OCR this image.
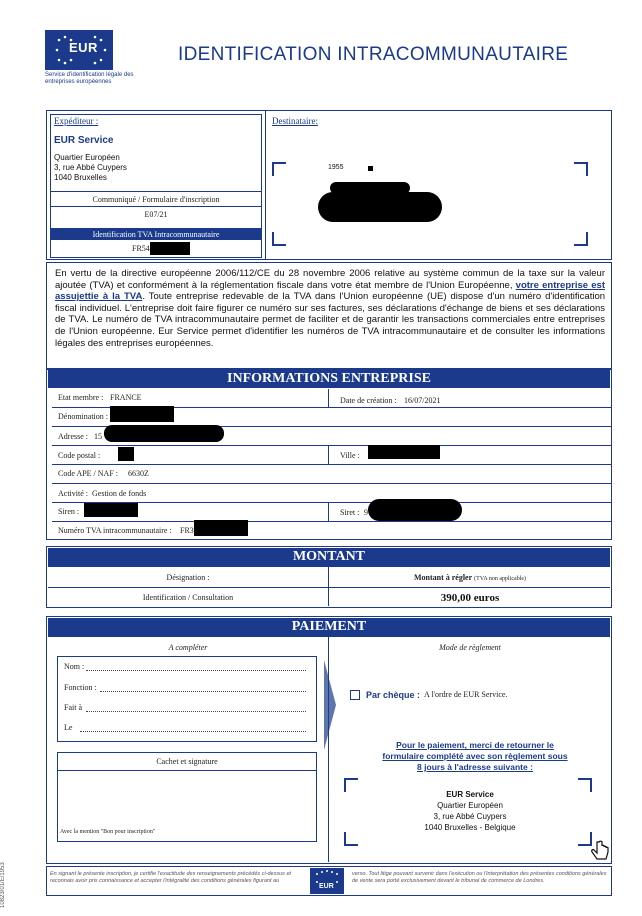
EUR
Service d'identification légale des entreprises européennes
IDENTIFICATION INTRACOMMUNAUTAIRE
Expéditeur :
EUR Service
Quartier Européen
3, rue Abbé Cuypers
1040 Bruxelles
Communiqué / Formulaire d'inscription
E07/21
Identification TVA Intracommunautaire
FR54
Destinataire:
1955

En vertu de la directive européenne 2006/112/CE du 28 novembre 2006 relative au système commun de la taxe sur la valeur ajoutée (TVA) et conformément à la réglementation fiscale dans votre état membre de l'Union Européenne, votre entreprise est assujettie à la TVA. Toute entreprise redevable de la TVA dans l'Union européenne (UE) dispose d'un numéro d'identification fiscal individuel. L'entreprise doit faire figurer ce numéro sur ses factures, ses déclarations d'échange de biens et ses déclarations de TVA. Le numéro de TVA intracommunautaire permet de faciliter et de garantir les transactions commerciales entre entreprises de l'Union européenne. Eur Service permet d'identifier les numéros de TVA intracommunautaire et de consulter les informations légales des entreprises européennes.

INFORMATIONS ENTREPRISE
Etat membre : FRANCE	Date de création : 16/07/2021
Dénomination :
Adresse : 15
Code postal :	Ville :
Code APE / NAF : 6630Z
Activité : Gestion de fonds
Siren :	Siret : 9
Numéro TVA intracommunautaire : FR3
MONTANT
Désignation :	Montant à régler (TVA non applicable)
Identification / Consultation	390,00 euros
PAIEMENT
A compléter	Mode de règlement
Nom :
Fonction :
Fait à
Le
Cachet et signature
Avec la mention "Bon pour inscription"
Par chèque : A l'ordre de EUR Service.
Pour le paiement, merci de retourner le formulaire complété avec son règlement sous 8 jours à l'adresse suivante :
EUR Service
Quartier Européen
3, rue Abbé Cuypers
1040 Bruxelles - Belgique
En signant le présente inscription, je certifie l'exactitude des renseignements précédés ci-dessus et reconnais avoir pris connaissance et accepter l'intégralité des conditions générales figurant au
EUR
verso. Tout litige pouvant survenir dans l'exécution ou l'interprétation des présentes conditions générales de vente sera porté exclusivement devant le tribunal de commerce de Londres.
10823/01/E/1953
